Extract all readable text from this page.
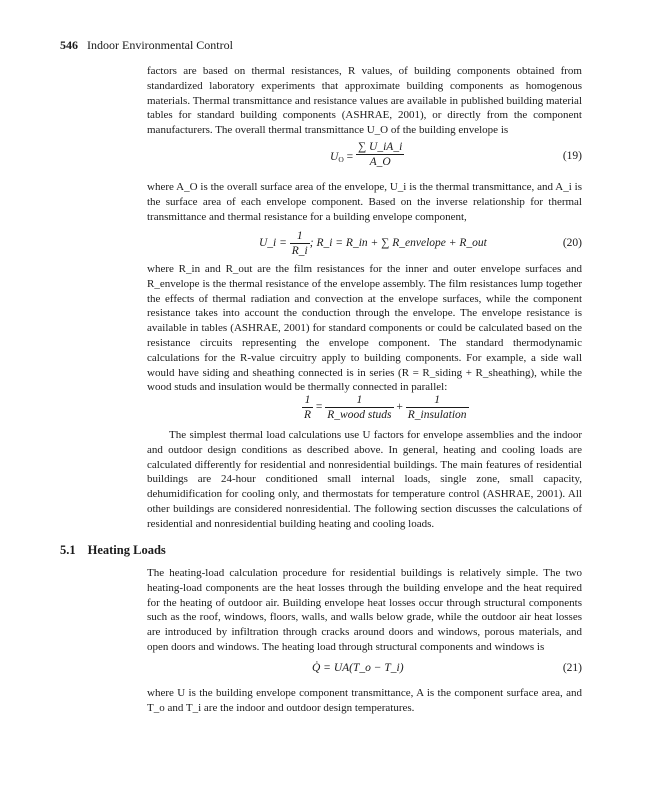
546 Indoor Environmental Control

factors are based on thermal resistances, R values, of building components obtained from standardized laboratory experiments that approximate building components as homogenous materials. Thermal transmittance and resistance values are available in published building material tables for standard building components (ASHRAE, 2001), or directly from the component manufacturers. The overall thermal transmittance U_O of the building envelope is

$U_O = \frac{\sum U\_iA\_i}{A\_O}$	(19)

where A_O is the overall surface area of the envelope, U_i is the thermal transmittance, and A_i is the surface area of each envelope component. Based on the inverse relationship for thermal transmittance and thermal resistance for a building envelope component,

U_i = $\frac{1}{R\_i}$ ; R_i = R_in + ∑ R_envelope + R_out	(20)

where R_in and R_out are the film resistances for the inner and outer envelope surfaces and R_envelope is the thermal resistance of the envelope assembly. The film resistances lump together the effects of thermal radiation and convection at the envelope surfaces, while the component resistance takes into account the conduction through the envelope. The envelope resistance is available in tables (ASHRAE, 2001) for standard components or could be calculated based on the resistance circuits representing the envelope component. The standard thermodynamic calculations for the R-value circuitry apply to building components. For example, a side wall would have siding and sheathing connected is in series (R = R_siding + R_sheathing), while the wood studs and insulation would be thermally connected in parallel:

$\frac{1}{R} = \frac{1}{\text{R\_wood studs}} + \frac{1}{\text{R\_insulation}}$

The simplest thermal load calculations use U factors for envelope assemblies and the indoor and outdoor design conditions as described above. In general, heating and cooling loads are calculated differently for residential and nonresidential buildings. The main features of residential buildings are 24-hour conditioned small internal loads, single zone, small capacity, dehumidification for cooling only, and thermostats for temperature control (ASHRAE, 2001). All other buildings are considered nonresidential. The following section discusses the calculations of residential and nonresidential building heating and cooling loads.

5.1 Heating Loads

The heating-load calculation procedure for residential buildings is relatively simple. The two heating-load components are the heat losses through the building envelope and the heat required for the heating of outdoor air. Building envelope heat losses occur through structural components such as the roof, windows, floors, walls, and walls below grade, while the outdoor air heat losses are introduced by infiltration through cracks around doors and windows, porous materials, and open doors and windows. The heating load through structural components and windows is

Q̇ = UA(T_o − T_i)	(21)

where U is the building envelope component transmittance, A is the component surface area, and T_o and T_i are the indoor and outdoor design temperatures.
